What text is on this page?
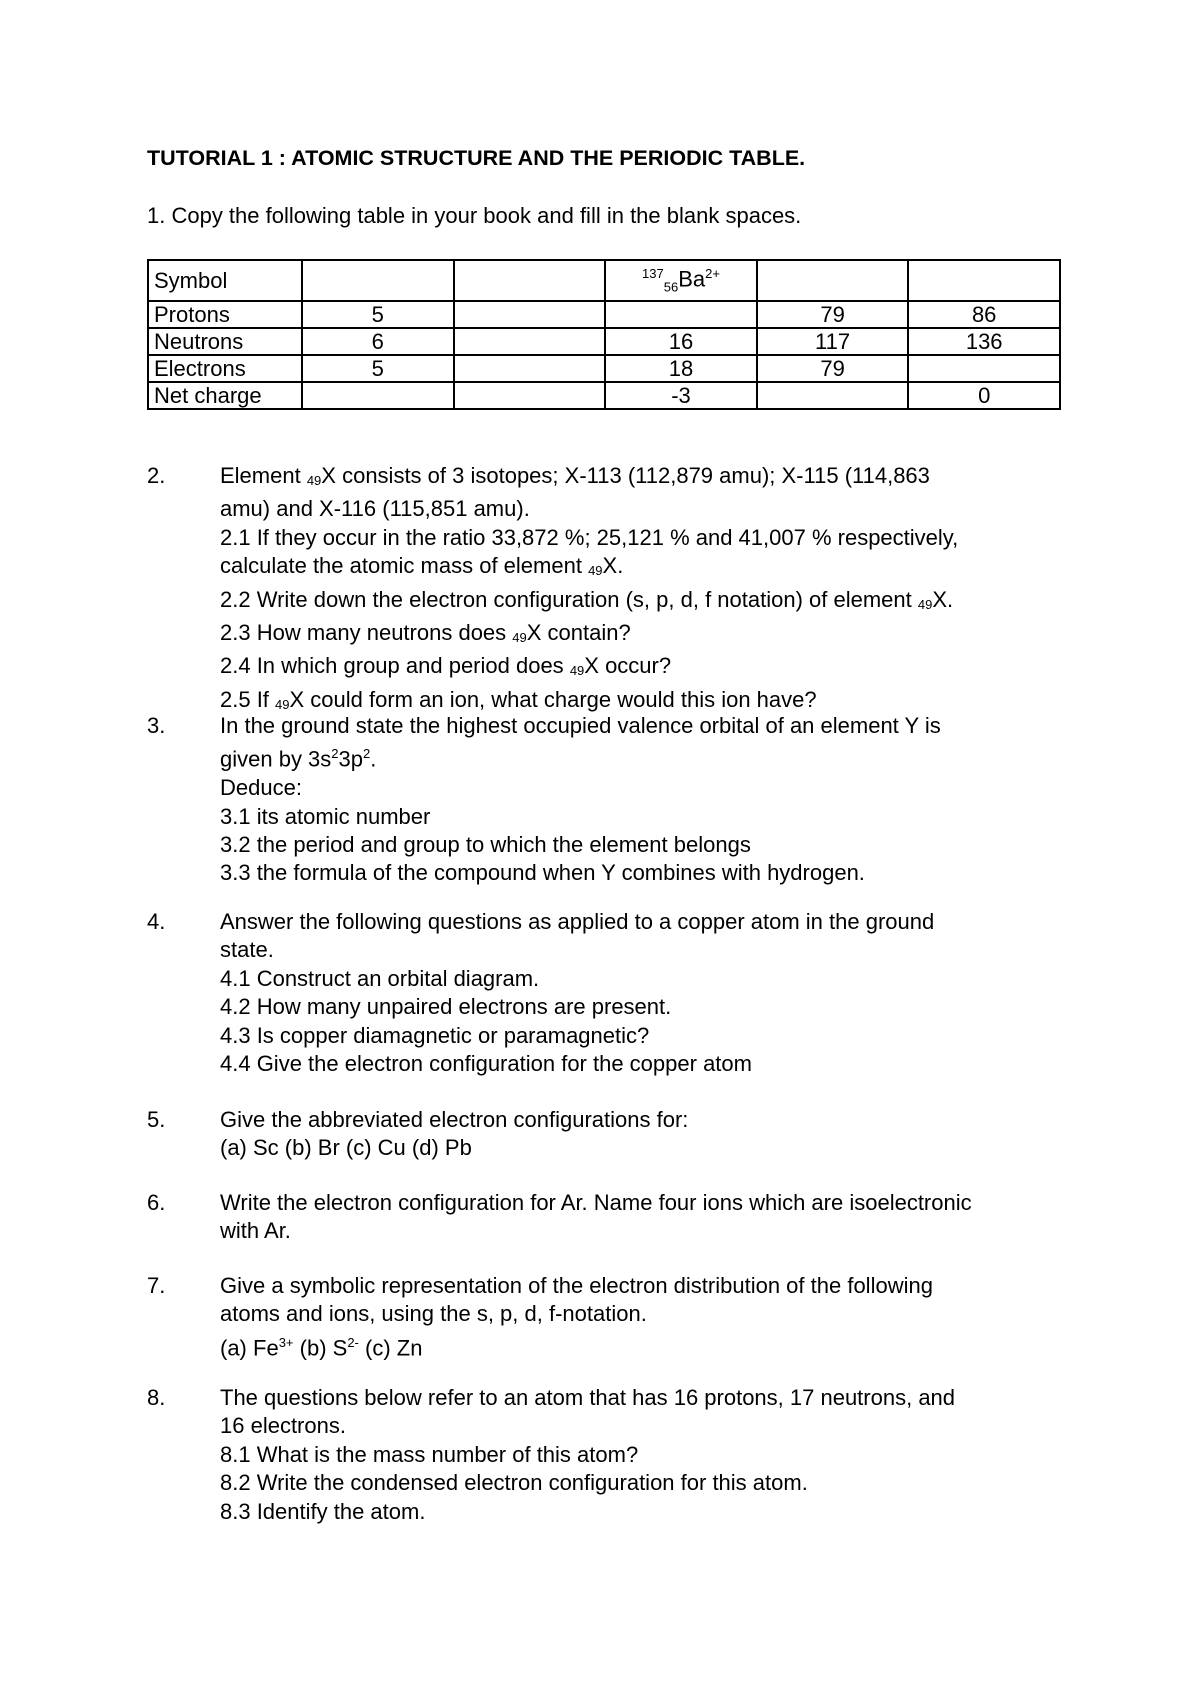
TUTORIAL 1 : ATOMIC STRUCTURE AND THE PERIODIC TABLE.
1. Copy the following table in your book and fill in the blank spaces.
Symbol			$^{137}_{56}Ba^{2+}$		
Protons	5			79	86
Neutrons	6		16	117	136
Electrons	5		18	79	
Net charge			-3		0
2. Element 49X consists of 3 isotopes; X-113 (112,879 amu); X-115 (114,863
amu) and X-116 (115,851 amu).
2.1 If they occur in the ratio 33,872 %; 25,121 % and 41,007 % respectively,
calculate the atomic mass of element 49X.
2.2 Write down the electron configuration (s, p, d, f notation) of element 49X.
2.3 How many neutrons does 49X contain?
2.4 In which group and period does 49X occur?
2.5 If 49X could form an ion, what charge would this ion have?
3. In the ground state the highest occupied valence orbital of an element Y is
given by $3s^23p^2$.
Deduce:
3.1 its atomic number
3.2 the period and group to which the element belongs
3.3 the formula of the compound when Y combines with hydrogen.
4. Answer the following questions as applied to a copper atom in the ground
state.
4.1 Construct an orbital diagram.
4.2 How many unpaired electrons are present.
4.3 Is copper diamagnetic or paramagnetic?
4.4 Give the electron configuration for the copper atom
5. Give the abbreviated electron configurations for:
(a) Sc (b) Br (c) Cu (d) Pb
6. Write the electron configuration for Ar. Name four ions which are isoelectronic
with Ar.
7. Give a symbolic representation of the electron distribution of the following
atoms and ions, using the s, p, d, f-notation.
(a) $Fe^{3+}$ (b) $S^{2-}$ (c) Zn
8. The questions below refer to an atom that has 16 protons, 17 neutrons, and
16 electrons.
8.1 What is the mass number of this atom?
8.2 Write the condensed electron configuration for this atom.
8.3 Identify the atom.
